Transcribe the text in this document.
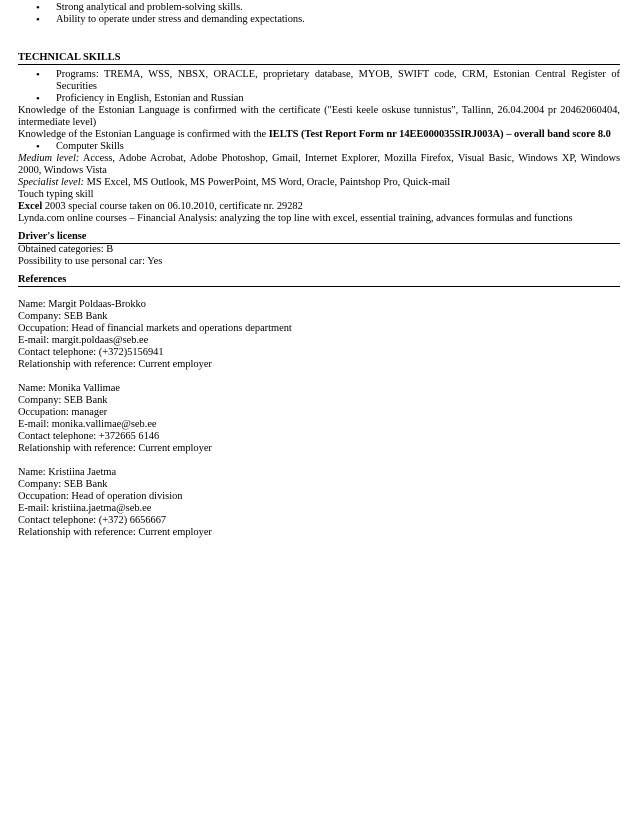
• Strong analytical and problem-solving skills.
• Ability to operate under stress and demanding expectations.
TECHNICAL SKILLS
• Programs: TREMA, WSS, NBSX, ORACLE, proprietary database, MYOB, SWIFT code, CRM, Estonian Central Register of Securities
• Proficiency in English, Estonian and Russian
Knowledge of the Estonian Language is confirmed with the certificate ("Eesti keele oskuse tunnistus", Tallinn, 26.04.2004 pr 20462060404, intermediate level)
Knowledge of the Estonian Language is confirmed with the IELTS (Test Report Form nr 14EE000035SIRJ003A) – overall band score 8.0
• Computer Skills
Medium level: Access, Adobe Acrobat, Adobe Photoshop, Gmail, Internet Explorer, Mozilla Firefox, Visual Basic, Windows XP, Windows 2000, Windows Vista
Specialist level: MS Excel, MS Outlook, MS PowerPoint, MS Word, Oracle, Paintshop Pro, Quick-mail
Touch typing skill
Excel 2003 special course taken on 06.10.2010, certificate nr. 29282
Lynda.com online courses – Financial Analysis: analyzing the top line with excel, essential training, advances formulas and functions
Driver's license
Obtained categories: B
Possibility to use personal car: Yes
References
Name: Margit Poldaas-Brokko
Company: SEB Bank
Occupation: Head of financial markets and operations department
E-mail: margit.poldaas@seb.ee
Contact telephone: (+372)5156941
Relationship with reference: Current employer
Name: Monika Vallimae
Company: SEB Bank
Occupation: manager
E-mail: monika.vallimae@seb.ee
Contact telephone: +372665 6146
Relationship with reference: Current employer
Name: Kristiina Jaetma
Company: SEB Bank
Occupation: Head of operation division
E-mail: kristiina.jaetma@seb.ee
Contact telephone: (+372) 6656667
Relationship with reference: Current employer
